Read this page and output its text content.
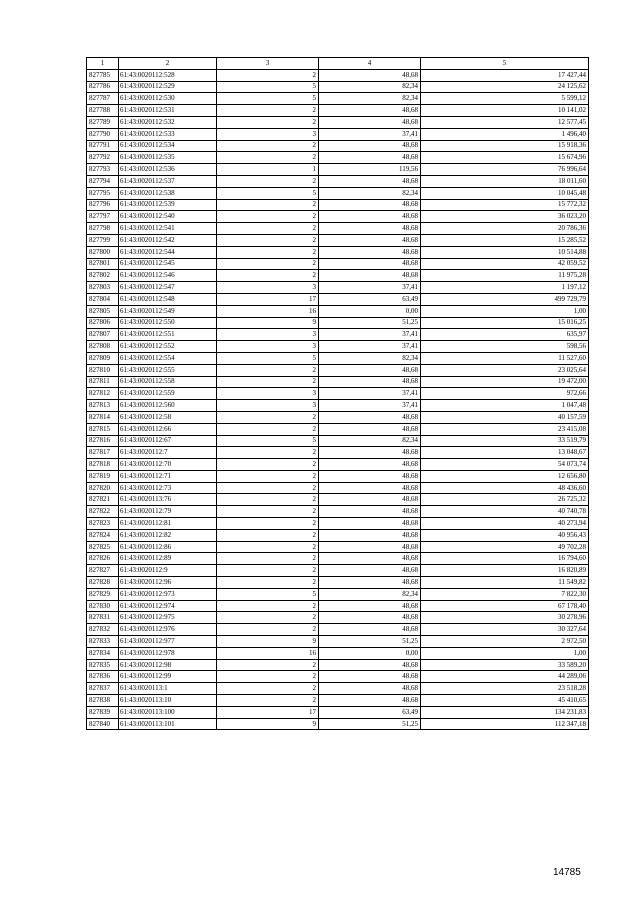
1	2	3	4	5
827785	61:43:0020112:528	2	48,68	17 427,44
827786	61:43:0020112:529	5	82,34	24 125,62
827787	61:43:0020112:530	5	82,34	5 599,12
827788	61:43:0020112:531	2	48,68	10 141,02
827789	61:43:0020112:532	2	48,68	12 577,45
827790	61:43:0020112:533	3	37,41	1 496,40
827791	61:43:0020112:534	2	48,68	15 918,36
827792	61:43:0020112:535	2	48,68	15 674,96
827793	61:43:0020112:536	1	119,56	76 996,64
827794	61:43:0020112:537	2	48,68	18 011,60
827795	61:43:0020112:538	5	82,34	10 045,48
827796	61:43:0020112:539	2	48,68	15 772,32
827797	61:43:0020112:540	2	48,68	36 023,20
827798	61:43:0020112:541	2	48,68	20 786,36
827799	61:43:0020112:542	2	48,68	15 285,52
827800	61:43:0020112:544	2	48,68	10 514,88
827801	61:43:0020112:545	2	48,68	42 059,52
827802	61:43:0020112:546	2	48,68	11 975,28
827803	61:43:0020112:547	3	37,41	1 197,12
827804	61:43:0020112:548	17	63,49	499 729,79
827805	61:43:0020112:549	16	0,00	1,00
827806	61:43:0020112:550	9	51,25	15 016,25
827807	61:43:0020112:551	3	37,41	635,97
827808	61:43:0020112:552	3	37,41	598,56
827809	61:43:0020112:554	5	82,34	11 527,60
827810	61:43:0020112:555	2	48,68	23 025,64
827811	61:43:0020112:558	2	48,68	19 472,00
827812	61:43:0020112:559	3	37,41	972,66
827813	61:43:0020112:560	3	37,41	1 047,48
827814	61:43:0020112:58	2	48,68	40 157,59
827815	61:43:0020112:66	2	48,68	23 415,08
827816	61:43:0020112:67	5	82,34	33 519,79
827817	61:43:0020112:7	2	48,68	13 048,67
827818	61:43:0020112:70	2	48,68	54 073,74
827819	61:43:0020112:71	2	48,68	12 656,80
827820	61:43:0020112:73	2	48,68	48 436,60
827821	61:43:0020113:76	2	48,68	26 725,32
827822	61:43:0020112:79	2	48,68	40 740,78
827823	61:43:0020112:81	2	48,68	40 273,94
827824	61:43:0020112:82	2	48,68	40 956,43
827825	61:43:0020112:86	2	48,68	49 702,28
827826	61:43:0020112:89	2	48,68	16 794,60
827827	61:43:0020112:9	2	48,68	16 820,89
827828	61:43:0020112:96	2	48,68	11 549,82
827829	61:43:0020112:973	5	82,34	7 822,30
827830	61:43:0020112:974	2	48,68	67 178,40
827831	61:43:0020112:975	2	48,68	30 278,96
827832	61:43:0020112:976	2	48,68	30 327,64
827833	61:43:0020112:977	9	51,25	2 972,50
827834	61:43:0020112:978	16	0,00	1,00
827835	61:43:0020112:98	2	48,68	33 589,20
827836	61:43:0020112:99	2	48,68	44 289,06
827837	61:43:0020113:1	2	48,68	23 518,28
827838	61:43:0020113:10	2	48,68	45 410,65
827839	61:43:0020113:100	17	63,49	134 231,83
827840	61:43:0020113:101	9	51,25	112 347,18
14785
